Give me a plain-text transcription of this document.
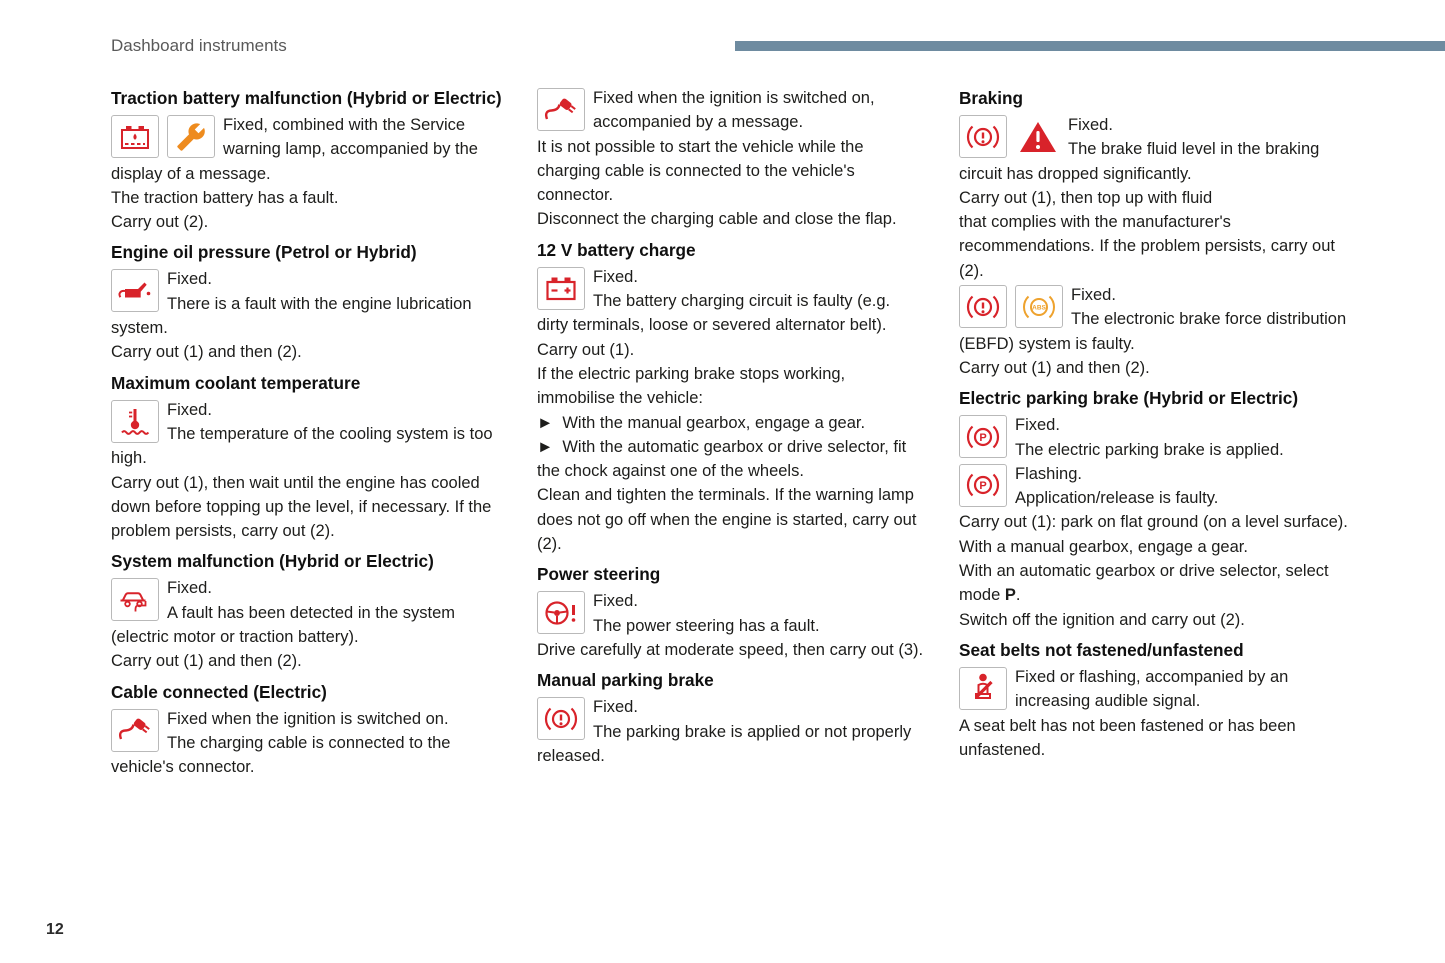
Dashboard instruments
Traction battery malfunction (Hybrid or Electric)
Fixed, combined with the Service warning lamp, accompanied by the display of a message.
The traction battery has a fault.
Carry out (2).
Engine oil pressure (Petrol or Hybrid)
Fixed.
There is a fault with the engine lubrication system.
Carry out (1) and then (2).
Maximum coolant temperature
Fixed.
The temperature of the cooling system is too high.
Carry out (1), then wait until the engine has cooled down before topping up the level, if necessary. If the problem persists, carry out (2).
System malfunction (Hybrid or Electric)
Fixed.
A fault has been detected in the system (electric motor or traction battery).
Carry out (1) and then (2).
Cable connected (Electric)
Fixed when the ignition is switched on.
The charging cable is connected to the vehicle's connector.
Fixed when the ignition is switched on, accompanied by a message.
It is not possible to start the vehicle while the charging cable is connected to the vehicle's connector.
Disconnect the charging cable and close the flap.
12 V battery charge
Fixed.
The battery charging circuit is faulty (e.g. dirty terminals, loose or severed alternator belt).
Carry out (1).
If the electric parking brake stops working, immobilise the vehicle:
► With the manual gearbox, engage a gear.
► With the automatic gearbox or drive selector, fit the chock against one of the wheels.
Clean and tighten the terminals. If the warning lamp does not go off when the engine is started, carry out (2).
Power steering
Fixed.
The power steering has a fault.
Drive carefully at moderate speed, then carry out (3).
Manual parking brake
Fixed.
The parking brake is applied or not properly released.
Braking
Fixed.
The brake fluid level in the braking circuit has dropped significantly.
Carry out (1), then top up with fluid
that complies with the manufacturer's recommendations. If the problem persists, carry out (2).
ABS
Fixed.
The electronic brake force distribution (EBFD) system is faulty.
Carry out (1) and then (2).
Electric parking brake (Hybrid or Electric)
P
Fixed.
The electric parking brake is applied.
P
Flashing.
Application/release is faulty.
Carry out (1): park on flat ground (on a level surface).
With a manual gearbox, engage a gear.
With an automatic gearbox or drive selector, select mode P.
Switch off the ignition and carry out (2).
Seat belts not fastened/unfastened
Fixed or flashing, accompanied by an increasing audible signal.
A seat belt has not been fastened or has been unfastened.
12
